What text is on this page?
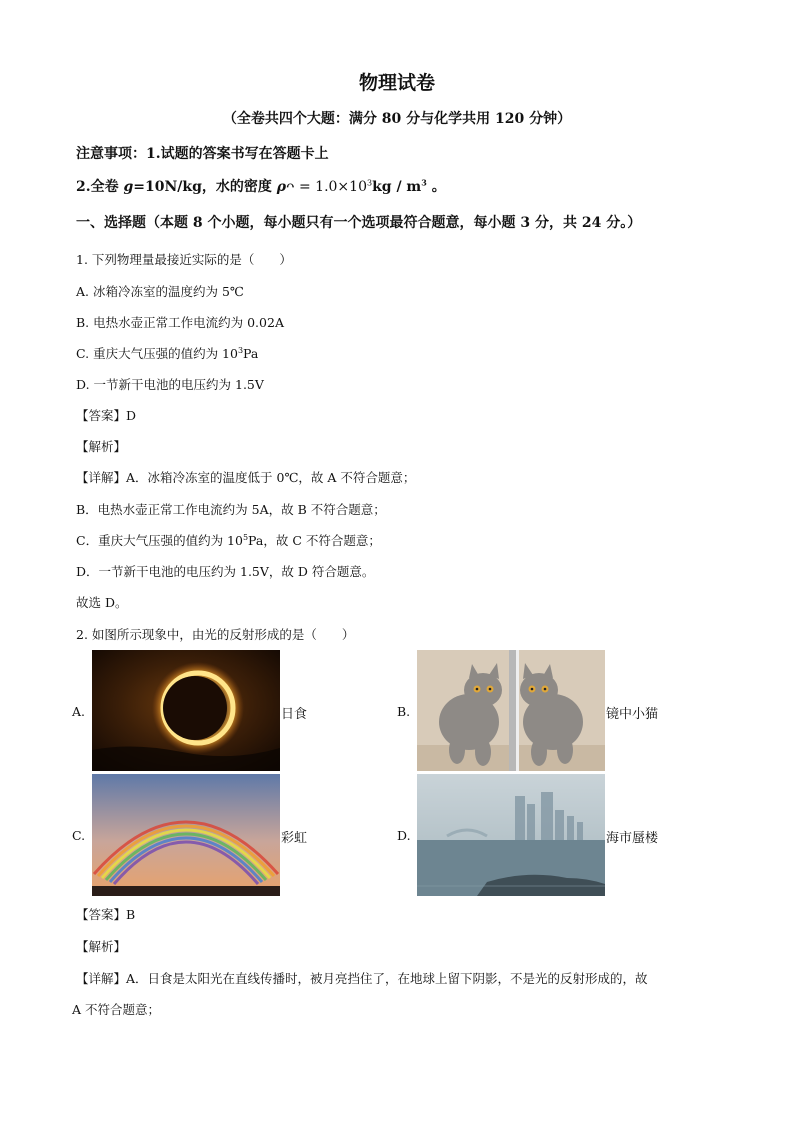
物理试卷
（全卷共四个大题：满分 80 分与化学共用 120 分钟）
注意事项：1.试题的答案书写在答题卡上
2.全卷 g=10N/kg，水的密度 ρᴖ = $1.0\times 10^3kg / m^3$ 。
一、选择题（本题 8 个小题，每小题只有一个选项最符合题意，每小题 3 分，共 24 分。）
1. 下列物理量最接近实际的是（　　）
A. 冰箱冷冻室的温度约为 5℃
B. 电热水壶正常工作电流约为 0.02A
C. 重庆大气压强的值约为 $10^3Pa$
D. 一节新干电池的电压约为 1.5V
【答案】D
【解析】
【详解】A．冰箱冷冻室的温度低于 0℃，故 A 不符合题意；
B．电热水壶正常工作电流约为 5A，故 B 不符合题意；
C．重庆大气压强的值约为 $10^5Pa$，故 C 不符合题意；
D．一节新干电池的电压约为 1.5V，故 D 符合题意。
故选 D。
2. 如图所示现象中，由光的反射形成的是（　　）
A.	日食	B.	镜中小猫
C.	彩虹	D.	海市蜃楼
【答案】B
【解析】
【详解】A．日食是太阳光在直线传播时，被月亮挡住了，在地球上留下阴影，不是光的反射形成的，故
A 不符合题意；
